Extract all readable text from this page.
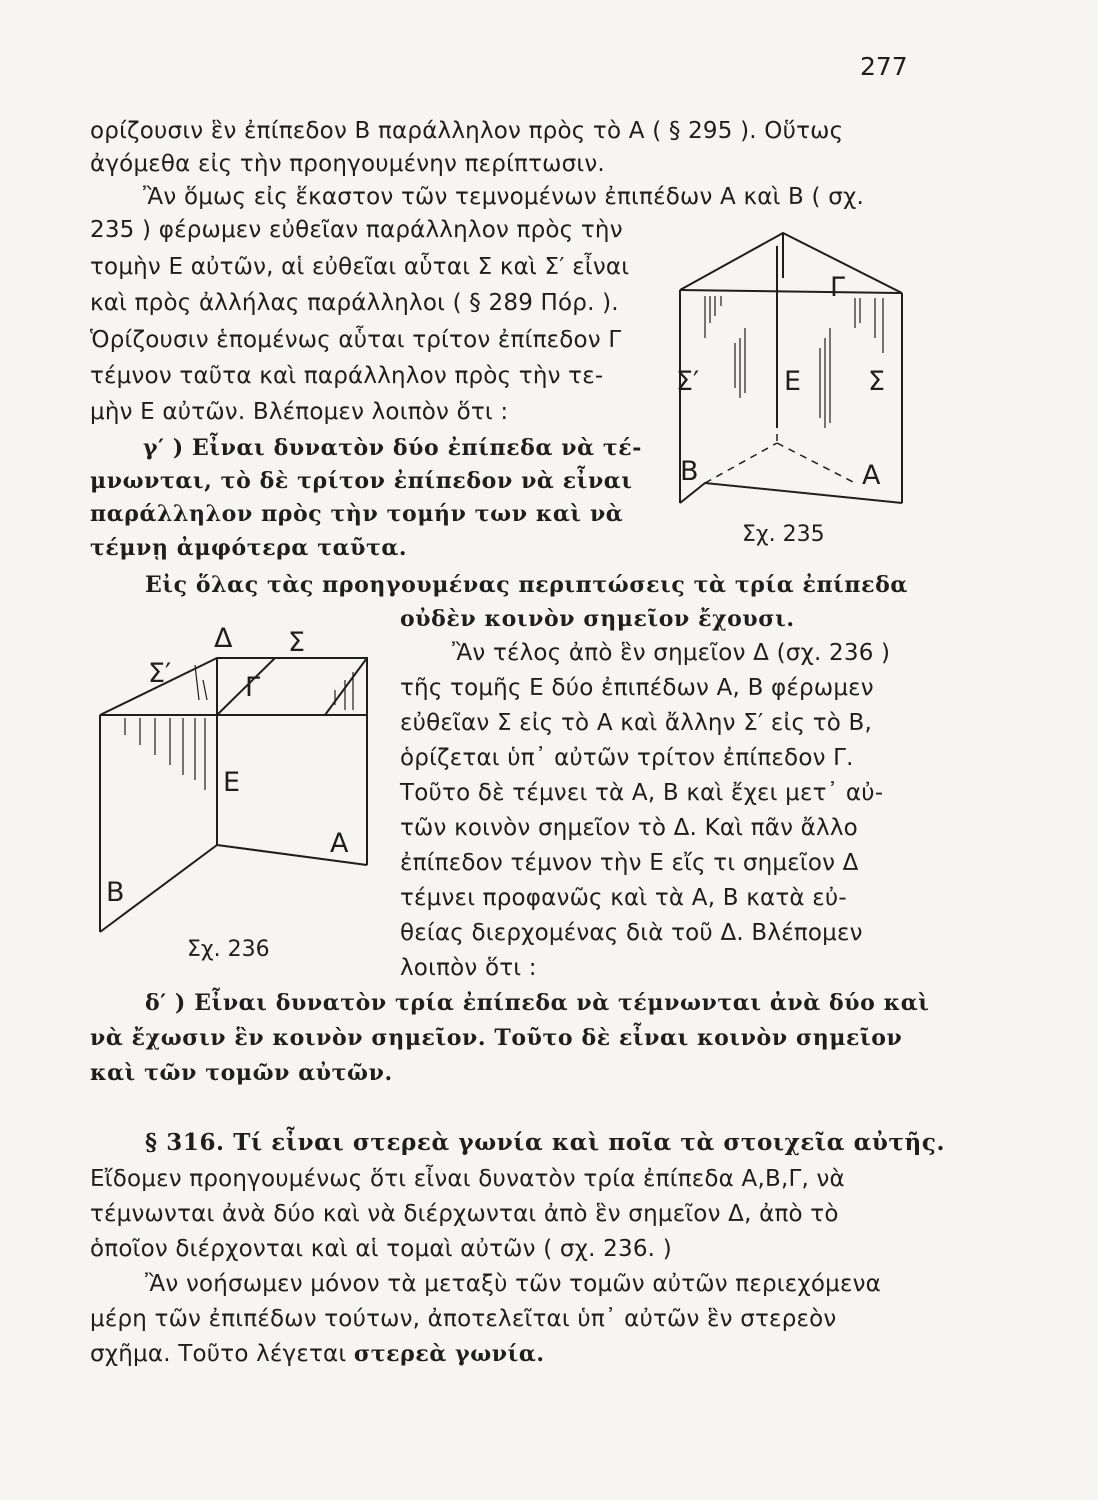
277
ορίζουσιν ἓν ἐπίπεδον Β παράλληλον πρὸς τὸ Α ( § 295 ). Οὕτως
ἀγόμεθα εἰς τὴν προηγουμένην περίπτωσιν.
Ἂν ὅμως εἰς ἕκαστον τῶν τεμνομένων ἐπιπέδων Α καὶ Β ( σχ.
235 ) φέρωμεν εὐθεῖαν παράλληλον πρὸς τὴν
τομὴν Ε αὐτῶν, αἱ εὐθεῖαι αὗται Σ καὶ Σ′ εἶναι
καὶ πρὸς ἀλλήλας παράλληλοι ( § 289 Πόρ. ).
Ὁρίζουσιν ἑπομένως αὗται τρίτον ἐπίπεδον Γ
τέμνον ταῦτα καὶ παράλληλον πρὸς τὴν τε-
μὴν Ε αὐτῶν. Βλέπομεν λοιπὸν ὅτι :
γ′ ) Εἶναι δυνατὸν δύο ἐπίπεδα νὰ τέ-
μνωνται, τὸ δὲ τρίτον ἐπίπεδον νὰ εἶναι
παράλληλον πρὸς τὴν τομήν των καὶ νὰ
τέμνῃ ἀμφότερα ταῦτα.
Εἰς ὅλας τὰς προηγουμένας περιπτώσεις τὰ τρία ἐπίπεδα
οὐδὲν κοινὸν σημεῖον ἔχουσι.
Ἂν τέλος ἀπὸ ἓν σημεῖον Δ (σχ. 236 )
τῆς τομῆς Ε δύο ἐπιπέδων Α, Β φέρωμεν
εὐθεῖαν Σ εἰς τὸ Α καὶ ἄλλην Σ′ εἰς τὸ Β,
ὁρίζεται ὑπ᾽ αὐτῶν τρίτον ἐπίπεδον Γ.
Τοῦτο δὲ τέμνει τὰ Α, Β καὶ ἔχει μετ᾽ αὐ-
τῶν κοινὸν σημεῖον τὸ Δ. Καὶ πᾶν ἄλλο
ἐπίπεδον τέμνον τὴν Ε εἴς τι σημεῖον Δ
τέμνει προφανῶς καὶ τὰ Α, Β κατὰ εὐ-
θείας διερχομένας διὰ τοῦ Δ. Βλέπομεν
λοιπὸν ὅτι :
δ′ ) Εἶναι δυνατὸν τρία ἐπίπεδα νὰ τέμνωνται ἀνὰ δύο καὶ
νὰ ἔχωσιν ἓν κοινὸν σημεῖον. Τοῦτο δὲ εἶναι κοινὸν σημεῖον
καὶ τῶν τομῶν αὐτῶν.
§ 316. Τί εἶναι στερεὰ γωνία καὶ ποῖα τὰ στοιχεῖα αὐτῆς.
Εἴδομεν προηγουμένως ὅτι εἶναι δυνατὸν τρία ἐπίπεδα Α,Β,Γ, νὰ
τέμνωνται ἀνὰ δύο καὶ νὰ διέρχωνται ἀπὸ ἓν σημεῖον Δ, ἀπὸ τὸ
ὁποῖον διέρχονται καὶ αἱ τομαὶ αὐτῶν ( σχ. 236. )
Ἂν νοήσωμεν μόνον τὰ μεταξὺ τῶν τομῶν αὐτῶν περιεχόμενα
μέρη τῶν ἐπιπέδων τούτων, ἀποτελεῖται ὑπ᾽ αὐτῶν ἓν στερεὸν
σχῆμα. Τοῦτο λέγεται στερεὰ γωνία.
Γ
Σ′	Ε Σ
Β	Α
Σχ. 235
Δ Σ
Σ′	Γ
Ε
Α
Β
Σχ. 236
